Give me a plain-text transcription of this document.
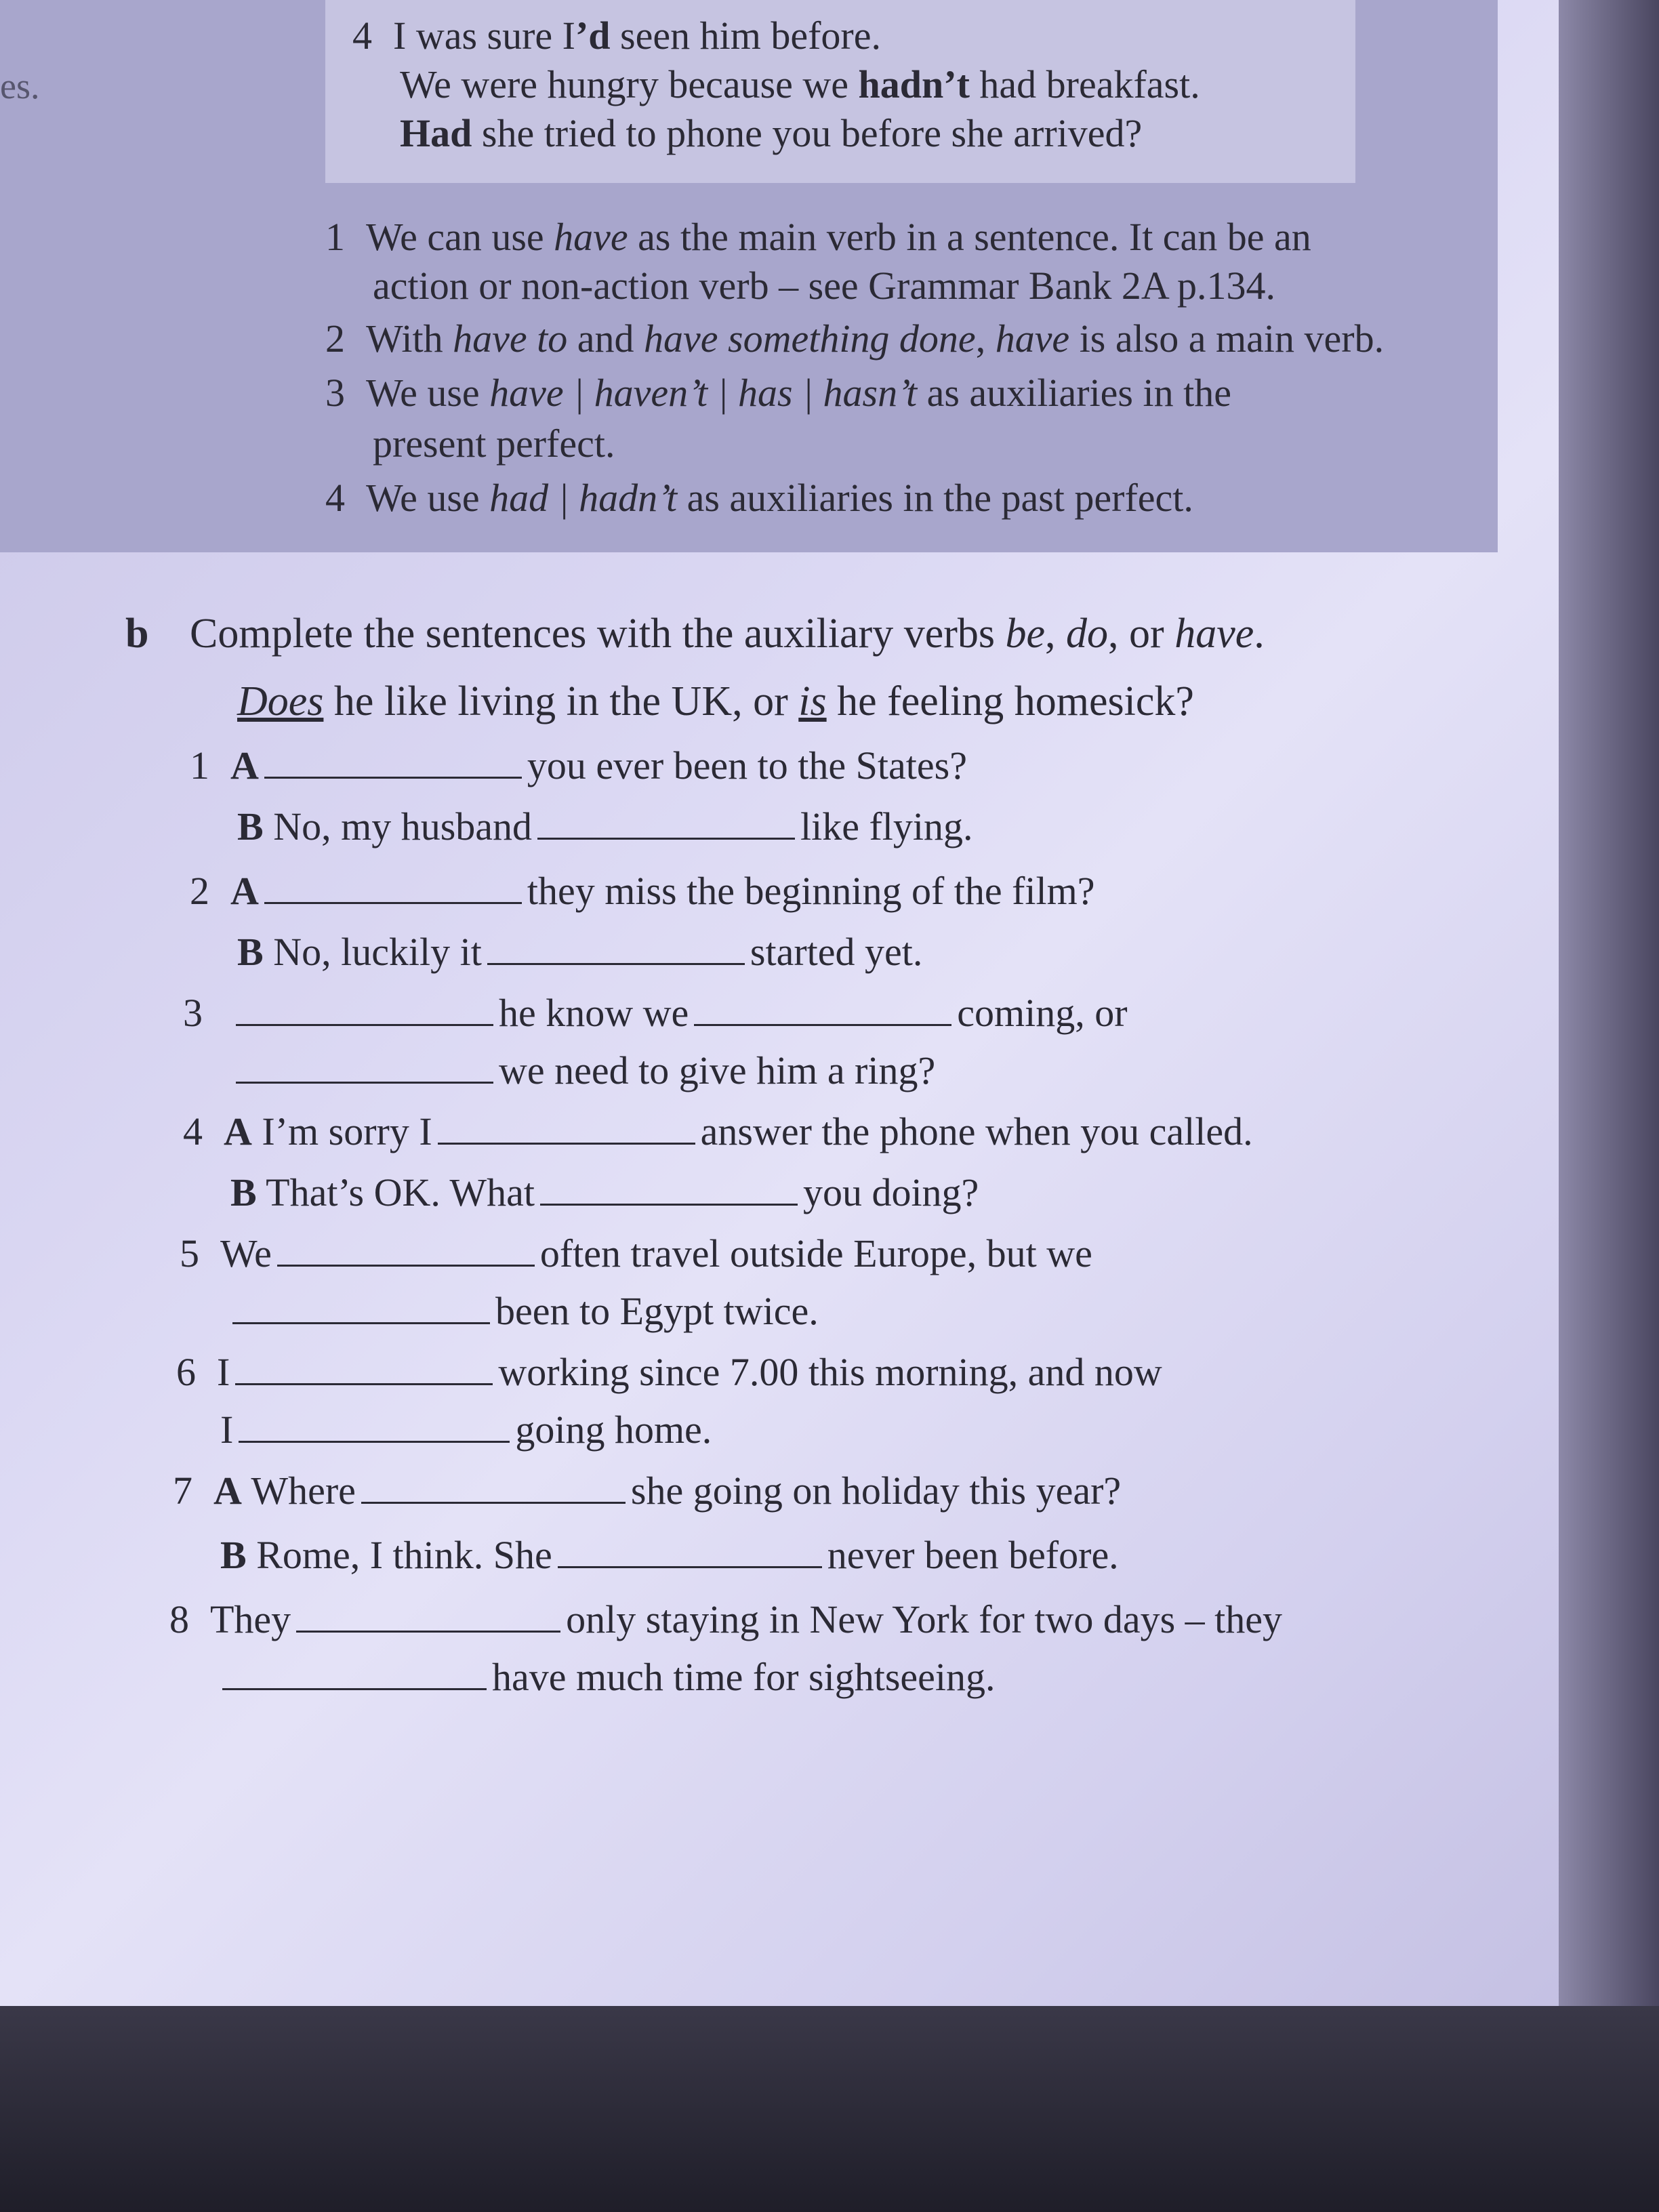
es.
4 I was sure I’d seen him before.
We were hungry because we hadn’t had breakfast.
Had she tried to phone you before she arrived?
1 We can use have as the main verb in a sentence. It can be an
action or non-action verb – see Grammar Bank 2A p.134.
2 With have to and have something done, have is also a main verb.
3 We use have | haven’t | has | hasn’t as auxiliaries in the
present perfect.
4 We use had | hadn’t as auxiliaries in the past perfect.
b Complete the sentences with the auxiliary verbs be, do, or have.
Does he like living in the UK, or is he feeling homesick?
1 A	you ever been to the States?
B No, my husband	like flying.
2 A	they miss the beginning of the film?
B No, luckily it	started yet.
3	he know we	coming, or
we need to give him a ring?
4 A I’m sorry I	answer the phone when you called.
B That’s OK. What	you doing?
5 We	often travel outside Europe, but we
been to Egypt twice.
6 I	working since 7.00 this morning, and now
I	going home.
7 A Where	she going on holiday this year?
B Rome, I think. She	never been before.
8 They	only staying in New York for two days – they
have much time for sightseeing.
